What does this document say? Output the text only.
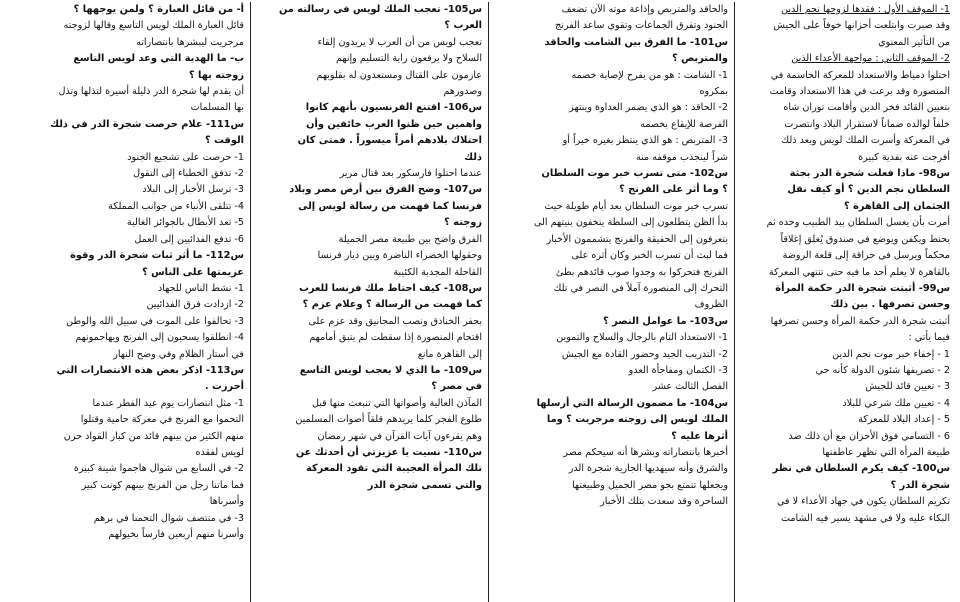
1- الموقف الأول : فقدها لزوجها نجم الدين
وقد صبرت وابتلعت أحزانها خوفاً على الجيش
من التأثير المعنوي
2- الموقف الثاني : مواجهة الأعداء الذين
احتلوا دمياط والاستعداد للمعركة الحاسمة في
المنصورة وقد برعت في هذا الاستعداد وقامت
بتعيين القائد فخر الدين وأقامت توران شاه
خلفاً لوالده ضماناً لاستقرار البلاد وانتصرت
في المعركة وأسرت الملك لويس وبعد ذلك
أفرجت عنه بفدية كبيرة
س98- ماذا فعلت شجرة الدر بجثة
السلطان نجم الدين ؟ أو كيف نقل
الجثمان إلى القاهرة ؟
أمرت بأن يغسل السلطان بيد الطبيب وحده ثم
يحنط ويكفن ويوضع في صندوق يُغلق إغلاقاً
محكماً ويرسل في حراقة إلى قلعة الروضة
بالقاهرة لا يعلم أحد ما فيه حتى تنتهي المعركة
س99- أثبتت شجرة الدر حكمة المرأة
وحسن تصرفها . بين ذلك
أثبتت شجرة الدر حكمة المرأة وحسن تصرفها
فيما يأتي :
1 - إخفاء خبر موت نجم الدين
2 - تصريفها شئون الدولة كأنه حي
3 - تعيين قائد للجيش
4 - تعيين ملك شرعي للبلاد
5 - إعداد البلاد للمعركة
6 - التسامي فوق الأحزان مع أن ذلك ضد
طبيعة المرأة التي تظهر عاطفتها
س100- كيف يكرم السلطان في نظر
شجرة الدر ؟
تكريم السلطان يكون في جهاد الأعداء لا في
البكاء عليه ولا في مشهد يسير فيه الشامت
والحاقد والمتربص وإذاعة موته الآن تضعف
الجنود وتفرق الجماعات وتقوي ساعد الفرنج
س101- ما الفرق بين الشامت والحاقد
والمتربص ؟
1- الشامت : هو من يفرح لإصابة خصمه
بمكروه
2- الحاقد : هو الذي يضمر العداوة وينتهز
الفرصة للإيقاع بخصمه
3- المتربص : هو الذي ينتظر بغيره خيراً أو
شراً لينجذب موقفه منه
س102- متى تسرب خبر موت السلطان
؟ وما أثر على الفرنج ؟
تسرب خبر موت السلطان بعد أيام طويلة حيث
بدأ الظن يتطلعون إلى السلطة يتخفون بنيتهم الى
يتعرفون إلى الحقيقة والفرنج يتشممون الأخبار
فما لبث أن تسرب الخبر وكان أثره على
الفرنج فتحركوا به وجدوا صوب قائدهم بطئ
التحرك إلى المنصورة آملاً في النصر في تلك
الظروف
س103- ما عوامل النصر ؟
1- الاستعداد التام بالرجال والسلاح والتموين
2- التدريب الجيد وحضور القادة مع الجيش
3- الكتمان ومفاجأة العدو
الفصل الثالث عشر
س104- ما مضمون الرسالة التي أرسلها
الملك لويس إلى زوجته مرجريت ؟ وما
أثرها عليه ؟
أخبرها بانتصاراته وبشرها أنه سيحكم مصر
والشرق وأنه سيهديها الجارية شجرة الدر
ويجعلها تتمتع بجو مصر الجميل وطبيعتها
الساحرة وقد سعدت بتلك الأخبار
س105- تعجب الملك لويس في رسالته من
العرب ؟
تعجب لويس من أن العرب لا يريدون إلقاء
السلاح ولا يرفعون راية التسليم وإنهم
عازمون على القتال ومستعدون له بقلوبهم
وصدورهم
س106- اقتنع الفرنسيون بأنهم كانوا
واهمين حين ظنوا العرب خائفين وأن
احتلاك بلادهم أمراً ميسوراً . فمتى كان
ذلك
عندما احتلوا فارسكور بعد قتال مرير
س107- وضح الفرق بين أرض مصر وبلاد
فرنسا كما فهمت من رسالة لويس إلى
زوجته ؟
الفرق واضح بين طبيعة مصر الجميلة
وحقولها الخضراء الناضرة وبين ديار فرنسا
القاحلة المجدبة الكئيبة
س108- كيف احتاط ملك فرنسا للعرب
كما فهمت من الرسالة ؟ وعلام عزم ؟
بحفر الخنادق ونصب المجانيق وقد عزم على
اقتحام المنصورة إذا سقطت لم يتبق أمامهم
إلى القاهرة مانع
س109- ما الذي لا يعجب لويس التاسع
في مصر ؟
المآذن العالية وأصواتها التي تنبعث منها قبل
طلوع الفجر كلما يريدهم قلقاً أصوات المسلمين
وهم يقرءون آيات القرآن في شهر رمضان
س110- نسيت يا عزيزتي أن أحدثك عن
تلك المرأة العجيبة التي تقود المعركة
والتي تسمى شجرة الدر
أ- من قائل العبارة ؟ ولمن يوجهها ؟
قائل العبارة الملك لويس التاسع وقالها لزوجته
مرجريت ليبشرها بانتصاراته
ب- ما الهدية التي وعد لويس التاسع
زوجته بها ؟
أن يقدم لها شجرة الدر ذليلة أسيرة لتذلها وتذل
بها المسلمات
س111- علام حرصت شجرة الدر في ذلك
الوقت ؟
1- حرصت على تشجيع الجنود
2- تدفق الخطباء إلى التقول
3- ترسل الأخبار إلى البلاد
4- تتلقى الأنباء من جوانب المملكة
5- تعد الأبطال بالجوائز الغالية
6- تدفع الفدائيين إلى العمل
س112- ما أثر ثبات شجرة الدر وقوة
عزيمتها على الناس ؟
1- نشط الناس للجهاد
2- ازدادت فرق الفدائيين
3- تحالفوا على الموت في سبيل الله والوطن
4- انطلقوا يسحبون إلى الفرنج ويهاجمونهم
في أستار الظلام وفي وضح النهار
س113- اذكر بعض هذه الانتصارات التي
أحرزت .
1- مثل انتصارات يوم عيد الفطر عندما
التحموا مع الفرنج في معركة حامية وقتلوا
منهم الكثير من بينهم قائد من كبار القواد حزن
لويس لفقده
2- في السابع من شوال هاجموا شينة كبيرة
فما ماتنا رجل من الفرنج بينهم كونت كبير
وأسرناها
3- في منتصف شوال التحمنا في برهم
وأسرنا منهم أربعين فارساً بخيولهم
